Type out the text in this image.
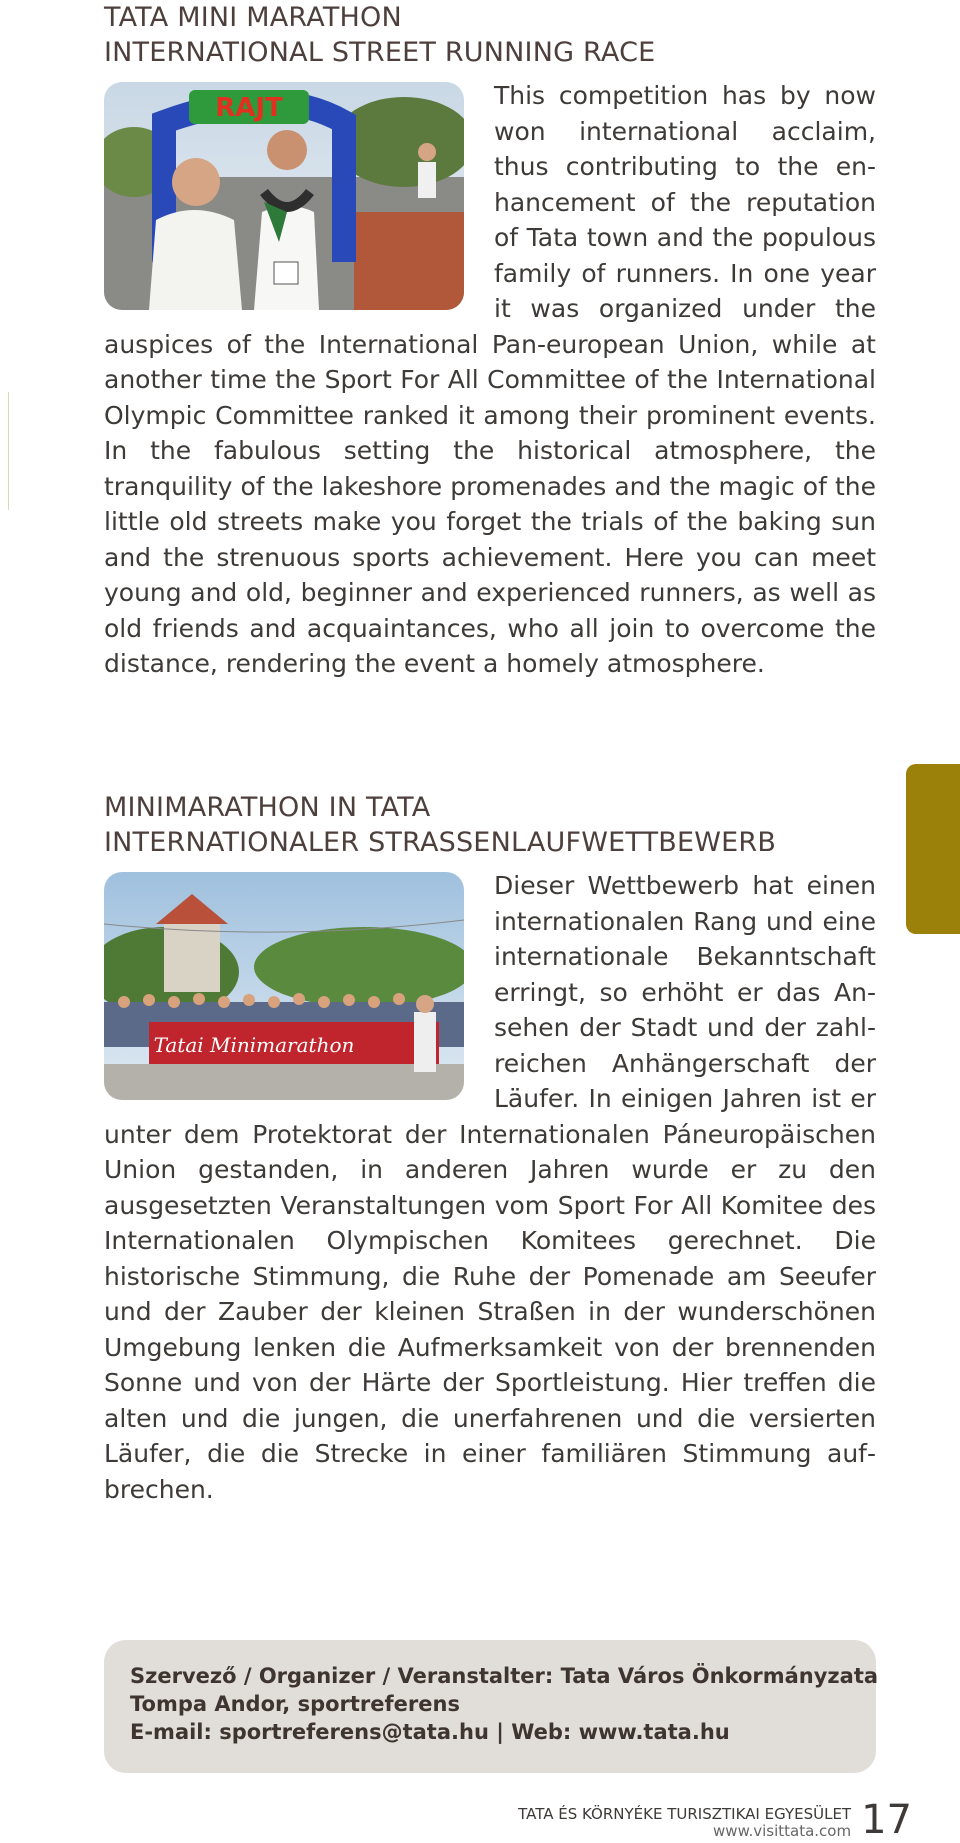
TATA MINI MARATHON
INTERNATIONAL STREET RUNNING RACE
RAJT	This competition has by now won international acclaim, thus contributing to the enhancement of the reputation of Tata town and the populous family of runners. In one year it was organized under the auspices of the International Pan-european Union, while at another time the Sport For All Committee of the International Olympic Committee ranked it among their prominent events. In the fabulous setting the historical atmosphere, the tranquility of the lakeshore promenades and the magic of the little old streets make you forget the trials of the baking sun and the strenuous sports achievement. Here you can meet young and old, beginner and experienced runners, as well as old friends and acquaintances, who all join to overcome the distance, rendering the event a homely atmosphere.
MINIMARATHON IN TATA
INTERNATIONALER STRASSENLAUFWETTBEWERB
Tatai Minimarathon
Dieser Wettbewerb hat einen internationalen Rang und eine internationale Bekanntschaft erringt, so erhöht er das Ansehen der Stadt und der zahlreichen Anhängerschaft der Läufer. In einigen Jahren ist er unter dem Protektorat der Internationalen Páneuropäischen Union gestanden, in anderen Jahren wurde er zu den ausgesetzten Veranstaltungen vom Sport For All Komitee des Internationalen Olympischen Komitees gerechnet. Die historische Stimmung, die Ruhe der Pomenade am Seeufer und der Zauber der kleinen Straßen in der wunderschönen Umgebung lenken die Aufmerksamkeit von der brennenden Sonne und von der Härte der Sportleistung. Hier treffen die alten und die jungen, die unerfahrenen und die versierten Läufer, die die Strecke in einer familiären Stimmung aufbrechen.
Szervező / Organizer / Veranstalter: Tata Város Önkormányzata
Tompa Andor, sportreferens
E-mail: sportreferens@tata.hu | Web: www.tata.hu
TATA ÉS KÖRNYÉKE TURISZTIKAI EGYESÜLET
www.visittata.com 17
